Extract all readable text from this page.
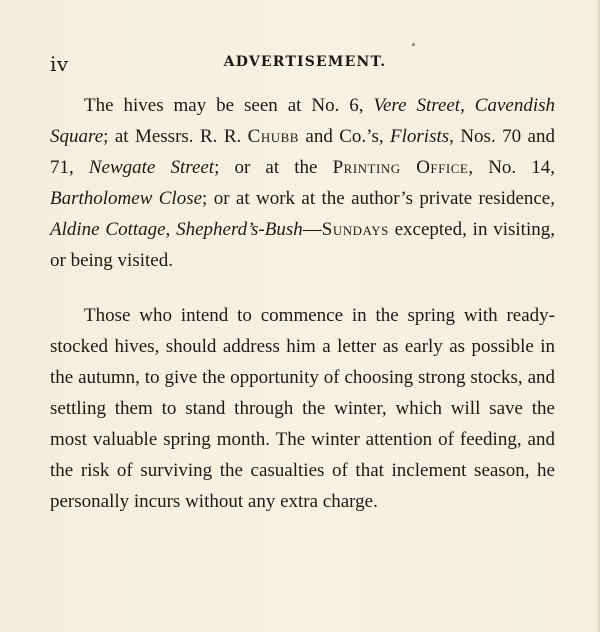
iv	ADVERTISEMENT.

The hives may be seen at No. 6, Vere Street, Cavendish Square; at Messrs. R. R. Chubb and Co.’s, Florists, Nos. 70 and 71, Newgate Street; or at the Printing Office, No. 14, Bartholomew Close; or at work at the author’s private residence, Aldine Cottage, Shepherd’s-Bush—Sundays excepted, in visiting, or being visited.

Those who intend to commence in the spring with ready-stocked hives, should address him a letter as early as possible in the autumn, to give the opportunity of choosing strong stocks, and settling them to stand through the winter, which will save the most valuable spring month. The winter attention of feeding, and the risk of surviving the casualties of that inclement season, he personally incurs without any extra charge.
